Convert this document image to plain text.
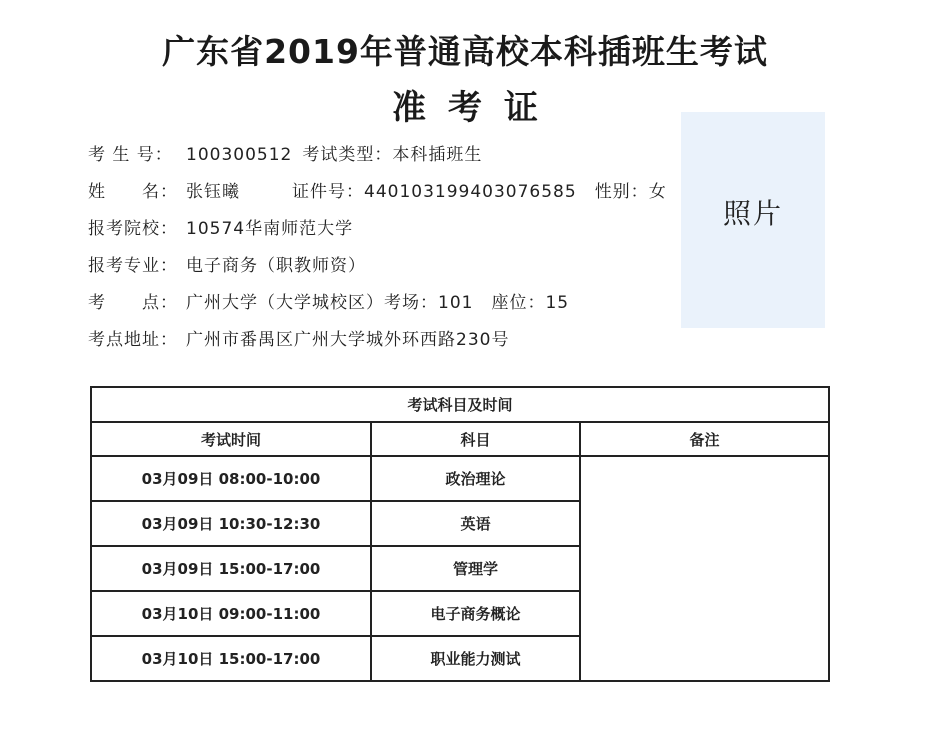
广东省2019年普通高校本科插班生考试
准考证
考 生 号： 100300512 考试类型：本科插班生
姓　　名： 张钰曦	证件号：440103199403076585 性别：女
报考院校： 10574华南师范大学
报考专业： 电子商务（职教师资）
考　　点： 广州大学（大学城校区）考场：101 座位：15
考点地址： 广州市番禺区广州大学城外环西路230号
照片
考试科目及时间		
考试时间	科目	备注
03月09日 08:00-10:00	政治理论	
03月09日 10:30-12:30	英语	
03月09日 15:00-17:00	管理学	
03月10日 09:00-11:00	电子商务概论	
03月10日 15:00-17:00	职业能力测试	
